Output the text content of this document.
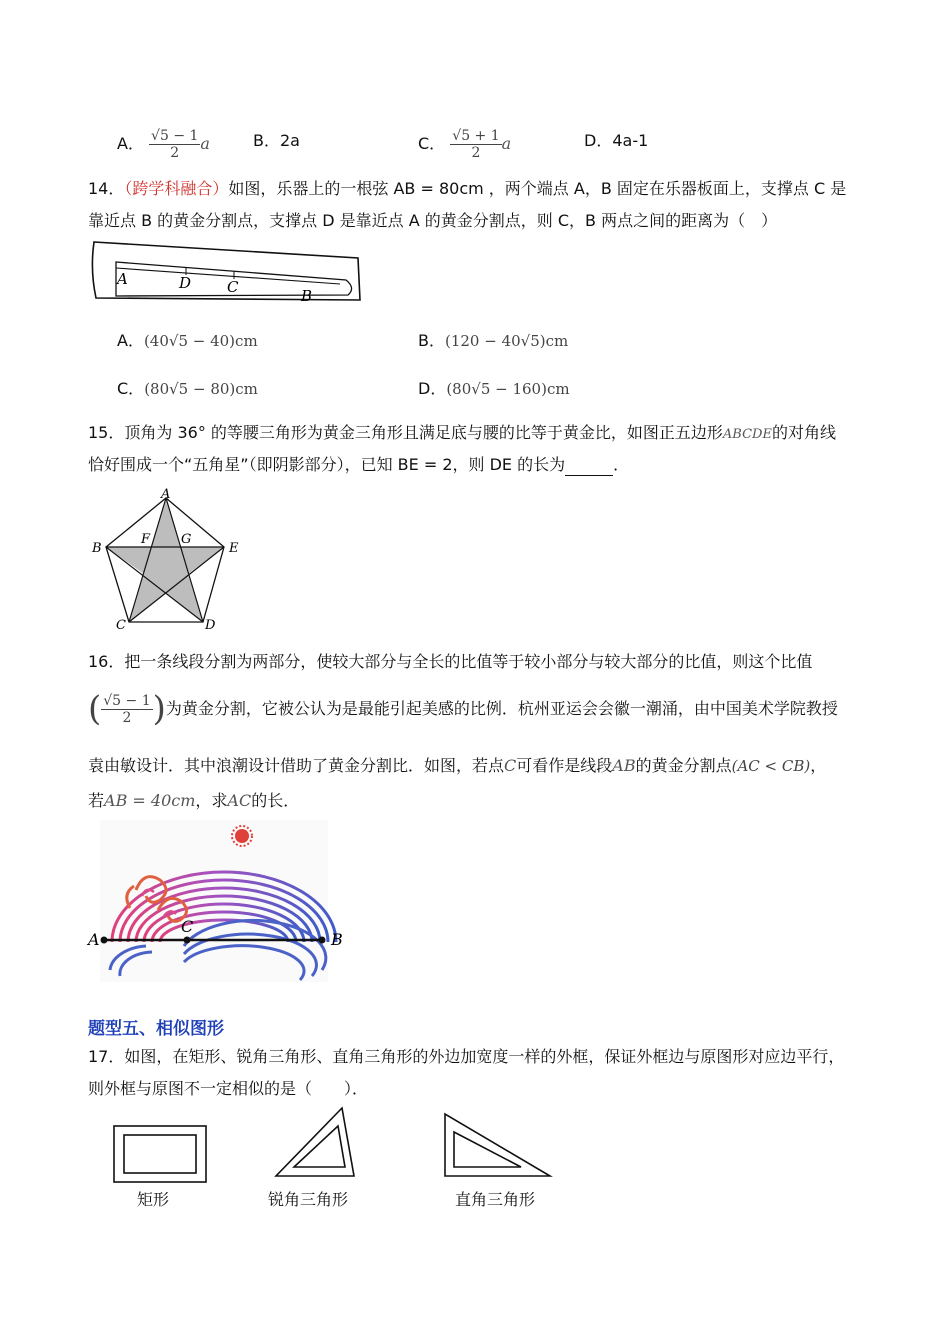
A． $\frac{√5 - 1}{2}$ a	B．2a	C． $\frac{√5 + 1}{2}$ a	D．4a-1
14．（跨学科融合）如图，乐器上的一根弦 AB = 80cm ，两个端点 A，B 固定在乐器板面上，支撑点 C 是
靠近点 B 的黄金分割点，支撑点 D 是靠近点 A 的黄金分割点，则 C，B 两点之间的距离为（　）
A	D C	B
A．(40√5 − 40)cm	B．(120 − 40√5)cm
C．(80√5 − 80)cm	D．(80√5 − 160)cm
15．顶角为 36° 的等腰三角形为黄金三角形且满足底与腰的比等于黄金比，如图正五边形ABCDE的对角线
恰好围成一个“五角星”（即阴影部分），已知 BE = 2，则 DE 的长为	．
A
B
C	D
E
F G
16．把一条线段分割为两部分，使较大部分与全长的比值等于较小部分与较大部分的比值，则这个比值
( $\frac{√5 - 1}{2}$ ) 为黄金分割，它被公认为是最能引起美感的比例．杭州亚运会会徽一潮涌，由中国美术学院教授
袁由敏设计．其中浪潮设计借助了黄金分割比．如图，若点C可看作是线段AB的黄金分割点(AC < CB)，
若AB = 40cm，求AC的长．
A
C
B
题型五、相似图形
17．如图，在矩形、锐角三角形、直角三角形的外边加宽度一样的外框，保证外框边与原图形对应边平行，
则外框与原图不一定相似的是（　　）．
矩形	锐角三角形	直角三角形
